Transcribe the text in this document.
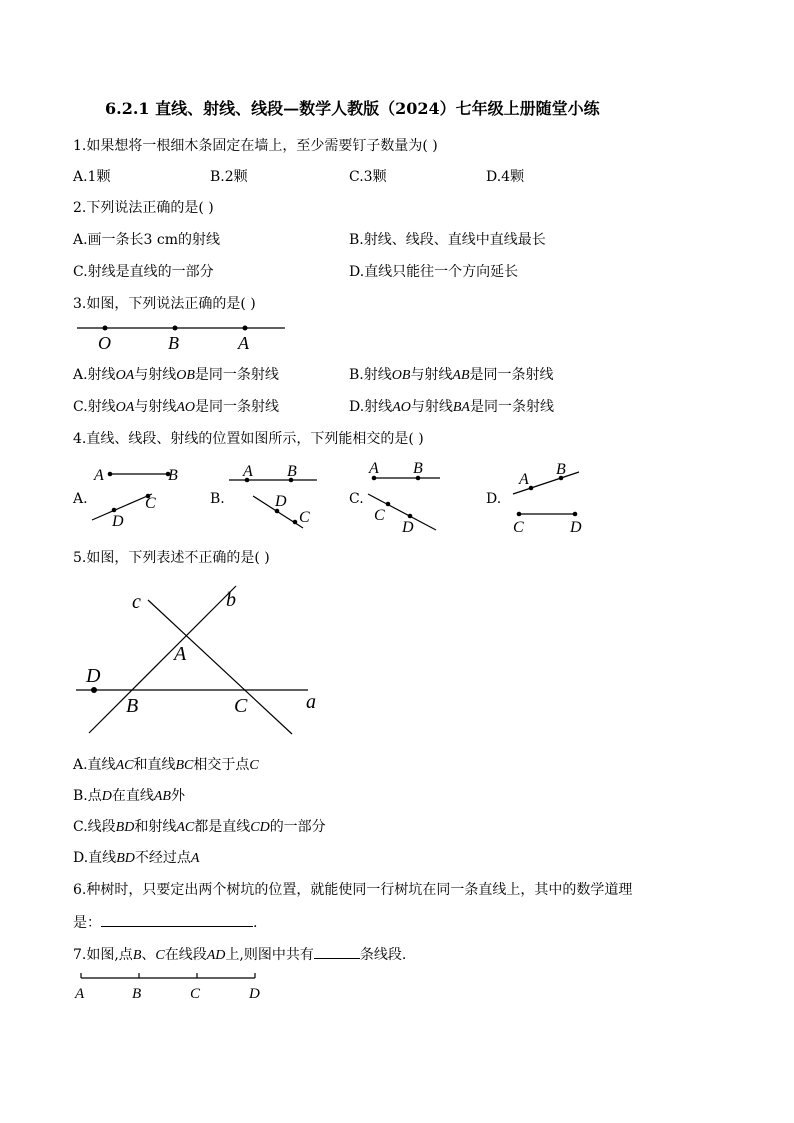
6.2.1 直线、射线、线段—数学人教版（2024）七年级上册随堂小练
1.如果想将一根细木条固定在墙上，至少需要钉子数量为( )
A.1颗	B.2颗	C.3颗	D.4颗
2.下列说法正确的是( )
A.画一条长3 cm的射线	B.射线、线段、直线中直线最长
C.射线是直线的一部分	D.直线只能往一个方向延长
3.如图，下列说法正确的是( )
O	B	A
B.射线OB与射线AB是同一条射线
C.射线OA与射线AO是同一条射线	D.射线AO与射线BA是同一条射线
A.射线OA与射线OB是同一条射线
4.直线、线段、射线的位置如图所示，下列能相交的是( )
A.
A	B
D
C	B.
A B
D
C
C.
A B
C
D
D.
A
B
C	D
5.如图，下列表述不正确的是( )
c	b
A
D
B	C	a
A.直线AC和直线BC相交于点C
B.点D在直线AB外
C.线段BD和射线AC都是直线CD的一部分
D.直线BD不经过点A
6.种树时，只要定出两个树坑的位置，就能使同一行树坑在同一条直线上，其中的数学道理
是：	.
7.如图,点B、C在线段AD上,则图中共有	条线段.
A	B	C	D
